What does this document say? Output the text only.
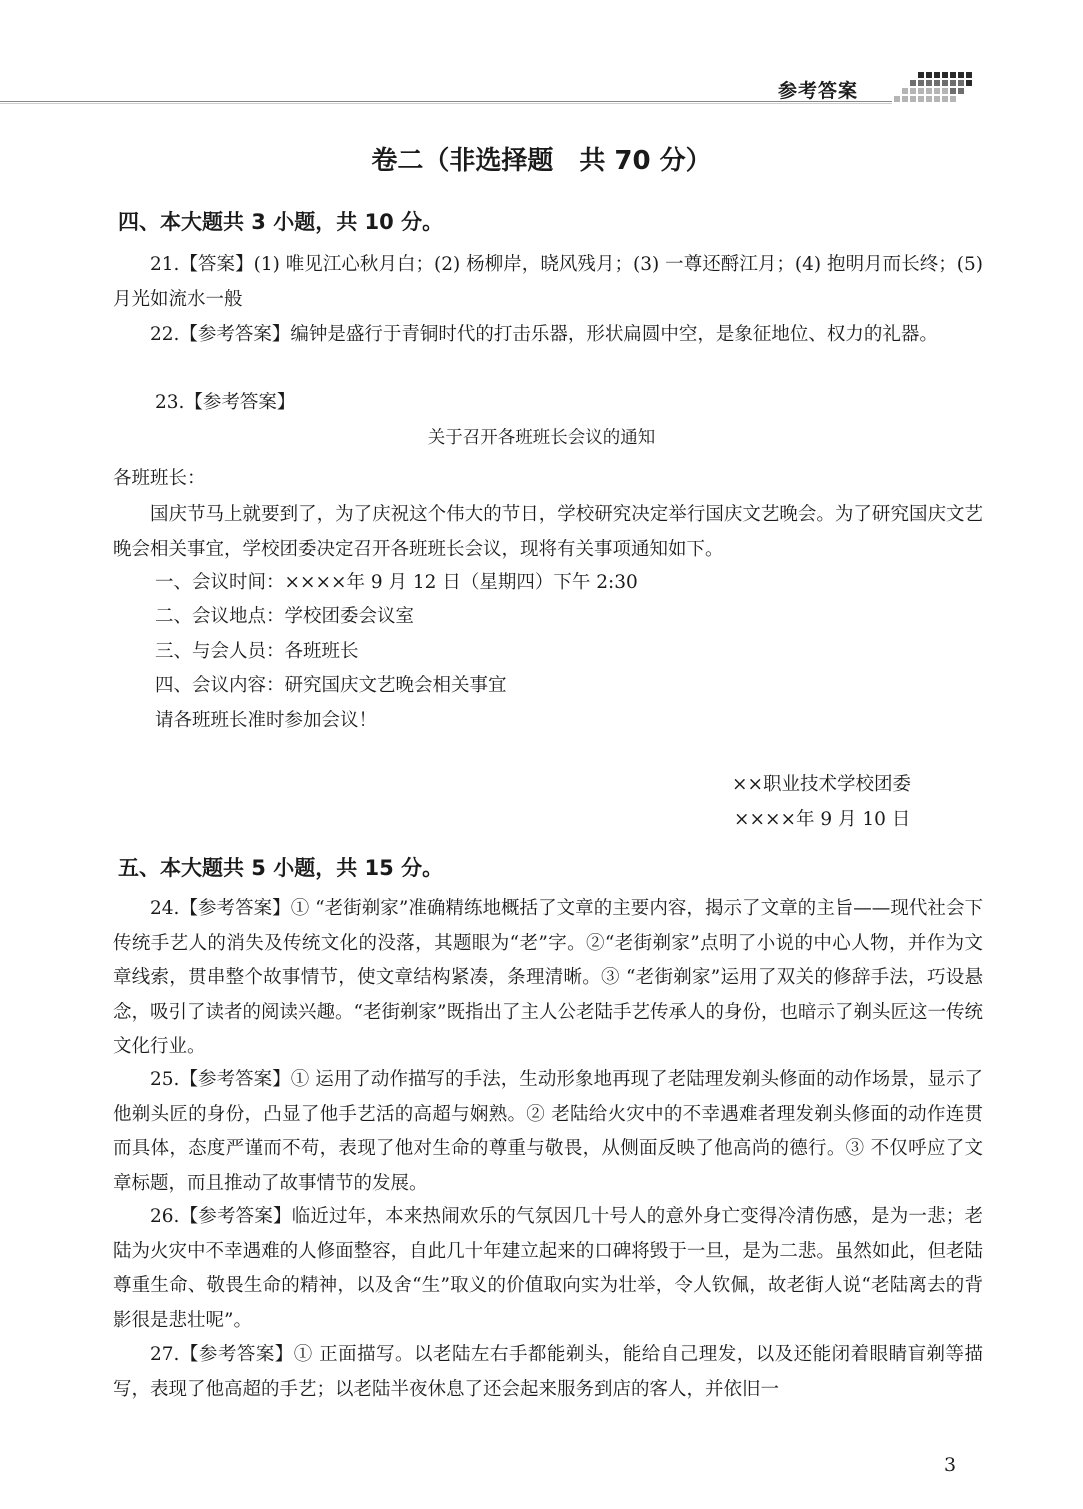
参考答案
卷二（非选择题　共 70 分）
四、本大题共 3 小题，共 10 分。

21.【答案】(1) 唯见江心秋月白；(2) 杨柳岸，晓风残月；(3) 一尊还酹江月；(4) 抱明月而长终；(5) 月光如流水一般

22.【参考答案】编钟是盛行于青铜时代的打击乐器，形状扁圆中空，是象征地位、权力的礼器。

23.【参考答案】
关于召开各班班长会议的通知
各班班长：

国庆节马上就要到了，为了庆祝这个伟大的节日，学校研究决定举行国庆文艺晚会。为了研究国庆文艺晚会相关事宜，学校团委决定召开各班班长会议，现将有关事项通知如下。

一、会议时间：××××年 9 月 12 日（星期四）下午 2:30
二、会议地点：学校团委会议室
三、与会人员：各班班长
四、会议内容：研究国庆文艺晚会相关事宜
请各班班长准时参加会议！
××职业技术学校团委
××××年 9 月 10 日
五、本大题共 5 小题，共 15 分。

24.【参考答案】① “老街剃家”准确精练地概括了文章的主要内容，揭示了文章的主旨——现代社会下传统手艺人的消失及传统文化的没落，其题眼为“老”字。②“老街剃家”点明了小说的中心人物，并作为文章线索，贯串整个故事情节，使文章结构紧凑，条理清晰。③ “老街剃家”运用了双关的修辞手法，巧设悬念，吸引了读者的阅读兴趣。“老街剃家”既指出了主人公老陆手艺传承人的身份，也暗示了剃头匠这一传统文化行业。

25.【参考答案】① 运用了动作描写的手法，生动形象地再现了老陆理发剃头修面的动作场景，显示了他剃头匠的身份，凸显了他手艺活的高超与娴熟。② 老陆给火灾中的不幸遇难者理发剃头修面的动作连贯而具体，态度严谨而不苟，表现了他对生命的尊重与敬畏，从侧面反映了他高尚的德行。③ 不仅呼应了文章标题，而且推动了故事情节的发展。

26.【参考答案】临近过年，本来热闹欢乐的气氛因几十号人的意外身亡变得冷清伤感，是为一悲；老陆为火灾中不幸遇难的人修面整容，自此几十年建立起来的口碑将毁于一旦，是为二悲。虽然如此，但老陆尊重生命、敬畏生命的精神，以及舍“生”取义的价值取向实为壮举，令人钦佩，故老街人说“老陆离去的背影很是悲壮呢”。

27.【参考答案】① 正面描写。以老陆左右手都能剃头，能给自己理发，以及还能闭着眼睛盲剃等描写，表现了他高超的手艺；以老陆半夜休息了还会起来服务到店的客人，并依旧一

3
